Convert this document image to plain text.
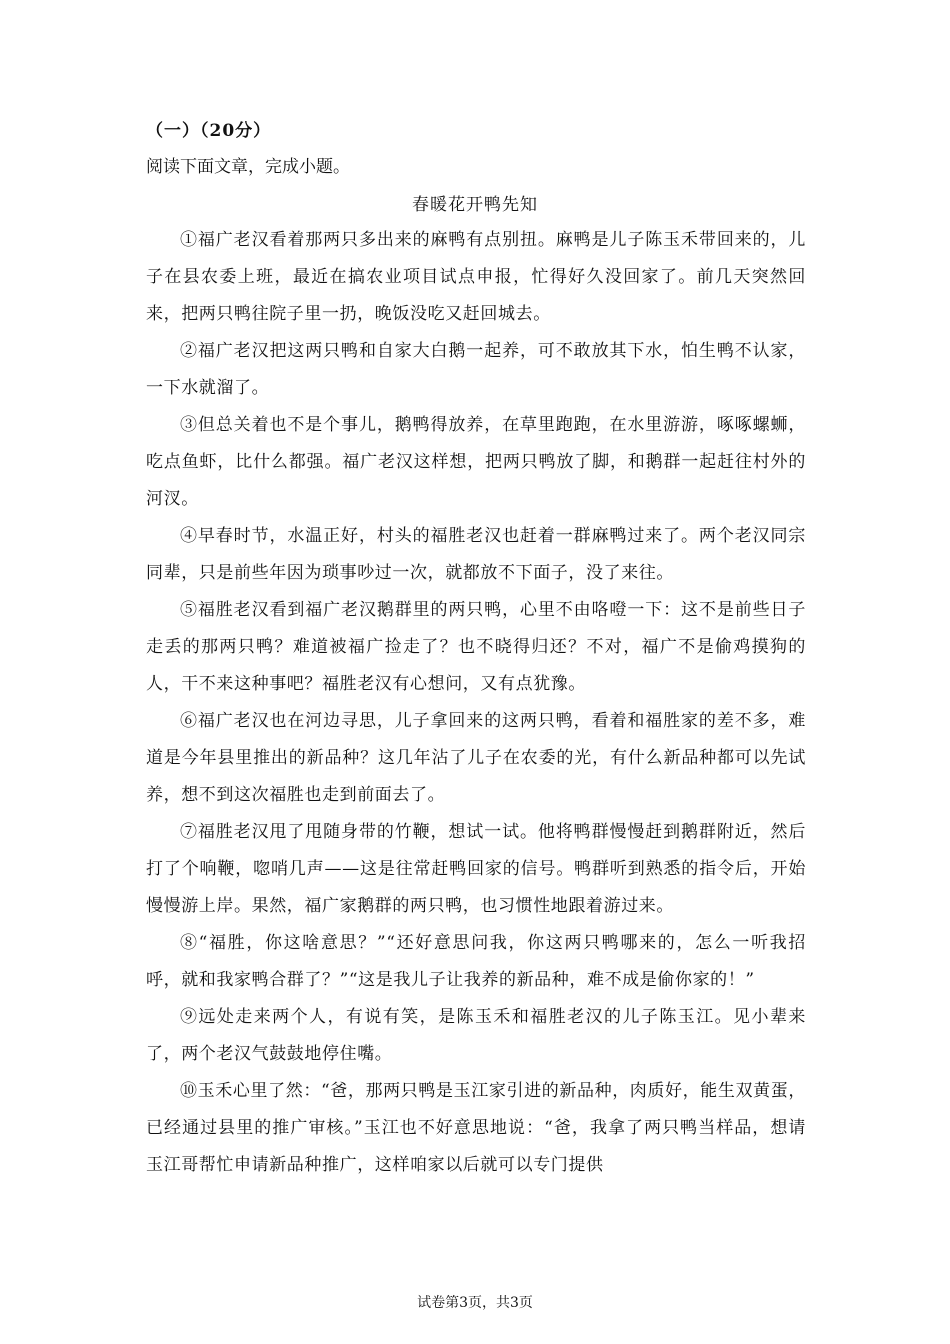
（一）（20分）
阅读下面文章，完成小题。
春暖花开鸭先知

①福广老汉看着那两只多出来的麻鸭有点别扭。麻鸭是儿子陈玉禾带回来的，儿子在县农委上班，最近在搞农业项目试点申报，忙得好久没回家了。前几天突然回来，把两只鸭往院子里一扔，晚饭没吃又赶回城去。

②福广老汉把这两只鸭和自家大白鹅一起养，可不敢放其下水，怕生鸭不认家，一下水就溜了。

③但总关着也不是个事儿，鹅鸭得放养，在草里跑跑，在水里游游，啄啄螺蛳，吃点鱼虾，比什么都强。福广老汉这样想，把两只鸭放了脚，和鹅群一起赶往村外的河汊。

④早春时节，水温正好，村头的福胜老汉也赶着一群麻鸭过来了。两个老汉同宗同辈，只是前些年因为琐事吵过一次，就都放不下面子，没了来往。

⑤福胜老汉看到福广老汉鹅群里的两只鸭，心里不由咯噔一下：这不是前些日子走丢的那两只鸭？难道被福广捡走了？也不晓得归还？不对，福广不是偷鸡摸狗的人，干不来这种事吧？福胜老汉有心想问，又有点犹豫。

⑥福广老汉也在河边寻思，儿子拿回来的这两只鸭，看着和福胜家的差不多，难道是今年县里推出的新品种？这几年沾了儿子在农委的光，有什么新品种都可以先试养，想不到这次福胜也走到前面去了。

⑦福胜老汉甩了甩随身带的竹鞭，想试一试。他将鸭群慢慢赶到鹅群附近，然后打了个响鞭，唿哨几声——这是往常赶鸭回家的信号。鸭群听到熟悉的指令后，开始慢慢游上岸。果然，福广家鹅群的两只鸭，也习惯性地跟着游过来。

⑧“福胜，你这啥意思？”“还好意思问我，你这两只鸭哪来的，怎么一听我招呼，就和我家鸭合群了？”“这是我儿子让我养的新品种，难不成是偷你家的！”

⑨远处走来两个人，有说有笑，是陈玉禾和福胜老汉的儿子陈玉江。见小辈来了，两个老汉气鼓鼓地停住嘴。

⑩玉禾心里了然：“爸，那两只鸭是玉江家引进的新品种，肉质好，能生双黄蛋，已经通过县里的推广审核。”玉江也不好意思地说：“爸，我拿了两只鸭当样品，想请玉江哥帮忙申请新品种推广，这样咱家以后就可以专门提供

试卷第3页，共3页
